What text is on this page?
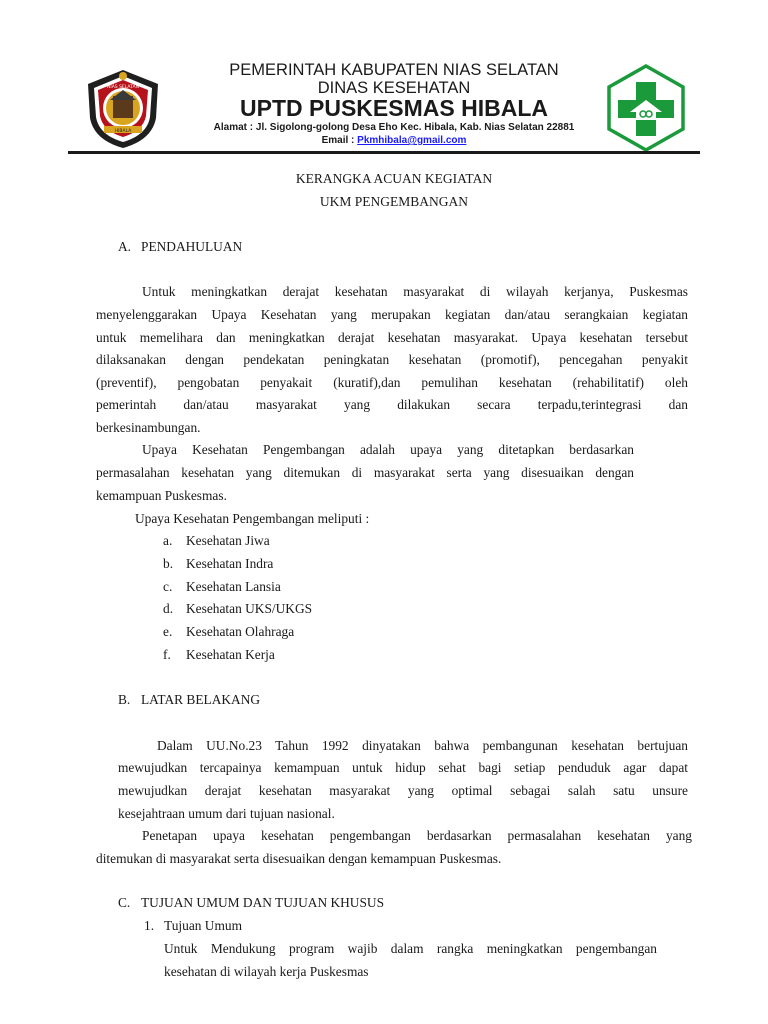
NIAS SELATAN
HIBALA
PEMERINTAH KABUPATEN NIAS SELATAN
DINAS KESEHATAN
UPTD PUSKESMAS HIBALA
Alamat : Jl. Sigolong-golong Desa Eho Kec. Hibala, Kab. Nias Selatan 22881
Email : Pkmhibala@gmail.com
KERANGKA ACUAN KEGIATAN
UKM PENGEMBANGAN
A. PENDAHULUAN
Untuk meningkatkan derajat kesehatan masyarakat di wilayah kerjanya, Puskesmas
menyelenggarakan Upaya Kesehatan yang merupakan kegiatan dan/atau serangkaian kegiatan
untuk memelihara dan meningkatkan derajat kesehatan masyarakat. Upaya kesehatan tersebut
dilaksanakan dengan pendekatan peningkatan kesehatan (promotif), pencegahan penyakit
(preventif), pengobatan penyakait (kuratif),dan pemulihan kesehatan (rehabilitatif) oleh
pemerintah dan/atau masyarakat yang dilakukan secara terpadu,terintegrasi dan
berkesinambungan.
Upaya Kesehatan Pengembangan adalah upaya yang ditetapkan berdasarkan
permasalahan kesehatan yang ditemukan di masyarakat serta yang disesuaikan dengan
kemampuan Puskesmas.
Upaya Kesehatan Pengembangan meliputi :
a. Kesehatan Jiwa
b. Kesehatan Indra
c. Kesehatan Lansia
d. Kesehatan UKS/UKGS
e. Kesehatan Olahraga
f. Kesehatan Kerja
B. LATAR BELAKANG
Dalam UU.No.23 Tahun 1992 dinyatakan bahwa pembangunan kesehatan bertujuan
mewujudkan tercapainya kemampuan untuk hidup sehat bagi setiap penduduk agar dapat
mewujudkan derajat kesehatan masyarakat yang optimal sebagai salah satu unsure
kesejahtraan umum dari tujuan nasional.
Penetapan upaya kesehatan pengembangan berdasarkan permasalahan kesehatan yang
ditemukan di masyarakat serta disesuaikan dengan kemampuan Puskesmas.
C. TUJUAN UMUM DAN TUJUAN KHUSUS
1. Tujuan Umum
Untuk Mendukung program wajib dalam rangka meningkatkan pengembangan
kesehatan di wilayah kerja Puskesmas
